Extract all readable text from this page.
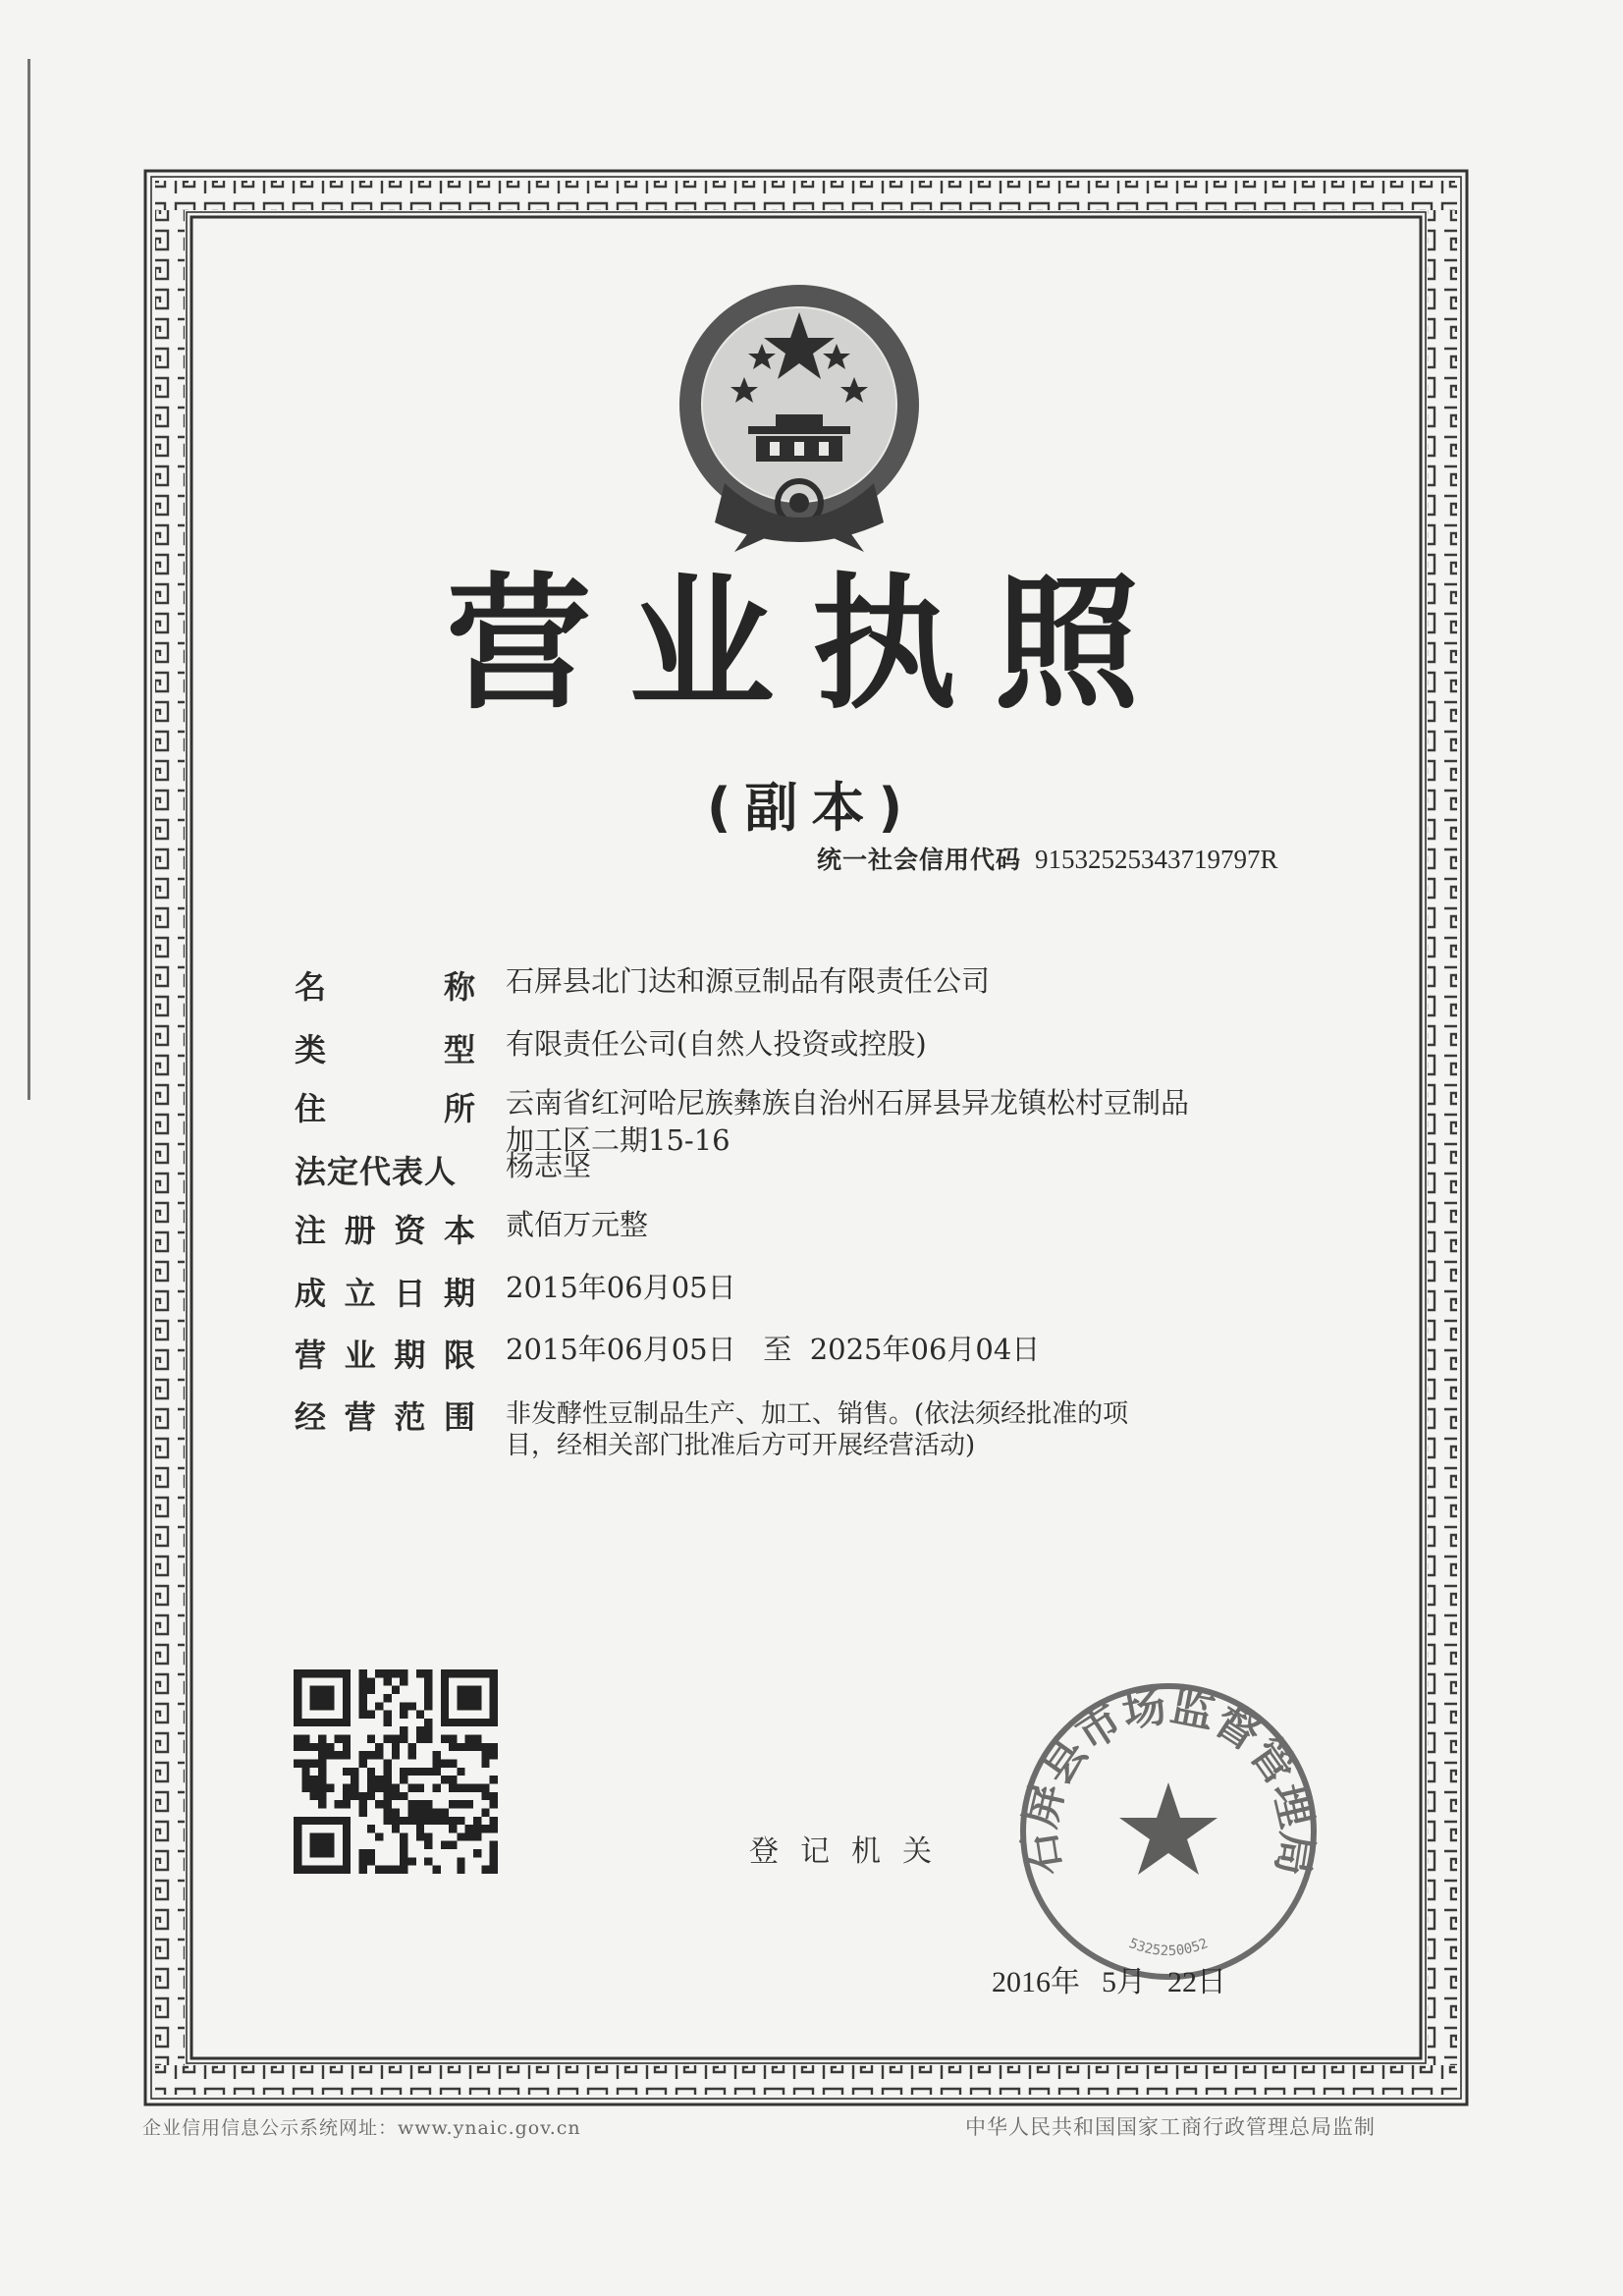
营业执照
(副本)
统一社会信用代码 91532525343719797R
名	称 石屏县北门达和源豆制品有限责任公司
类	型 有限责任公司(自然人投资或控股)
住	所 云南省红河哈尼族彝族自治州石屏县异龙镇松村豆制品
加工区二期15-16
法定代表人	杨志坚
注 册 资 本 贰佰万元整
成 立 日 期 2015年06月05日
营 业 期 限 2015年06月05日   至  2025年06月04日
经 营 范 围 非发酵性豆制品生产、加工、销售。(依法须经批准的项
目，经相关部门批准后方可开展经营活动)
登记机关 石屏县市场监督管理局
5325250052
2016年 5月 22日
企业信用信息公示系统网址：www.ynaic.gov.cn	中华人民共和国国家工商行政管理总局监制
